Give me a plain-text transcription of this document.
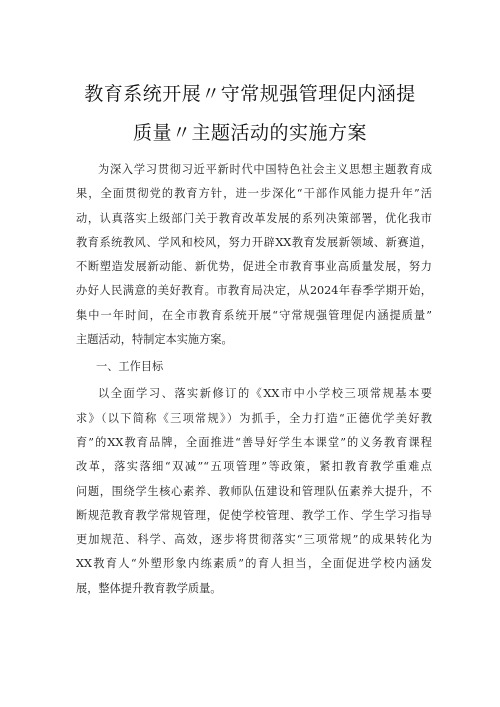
教育系统开展〃守常规强管理促内涵提
质量〃主题活动的实施方案
为深入学习贯彻习近平新时代中国特色社会主义思想主题教育成
果，全面贯彻党的教育方针，进一步深化“干部作风能力提升年”活
动，认真落实上级部门关于教育改革发展的系列决策部署，优化我市
教育系统教风、学风和校风，努力开辟XX教育发展新领域、新赛道，
不断塑造发展新动能、新优势，促进全市教育事业高质量发展，努力
办好人民满意的美好教育。市教育局决定，从2024年春季学期开始，
集中一年时间，在全市教育系统开展“守常规强管理促内涵提质量”
主题活动，特制定本实施方案。
一、工作目标
以全面学习、落实新修订的《XX市中小学校三项常规基本要
求》（以下简称《三项常规》）为抓手，全力打造“正德优学美好教
育”的XX教育品牌，全面推进“善导好学生本课堂”的义务教育课程
改革，落实落细“双减”“五项管理”等政策，紧扣教育教学重难点
问题，围绕学生核心素养、教师队伍建设和管理队伍素养大提升，不
断规范教育教学常规管理，促使学校管理、教学工作、学生学习指导
更加规范、科学、高效，逐步将贯彻落实“三项常规”的成果转化为
XX教育人“外塑形象内练素质”的育人担当，全面促进学校内涵发
展，整体提升教育教学质量。
